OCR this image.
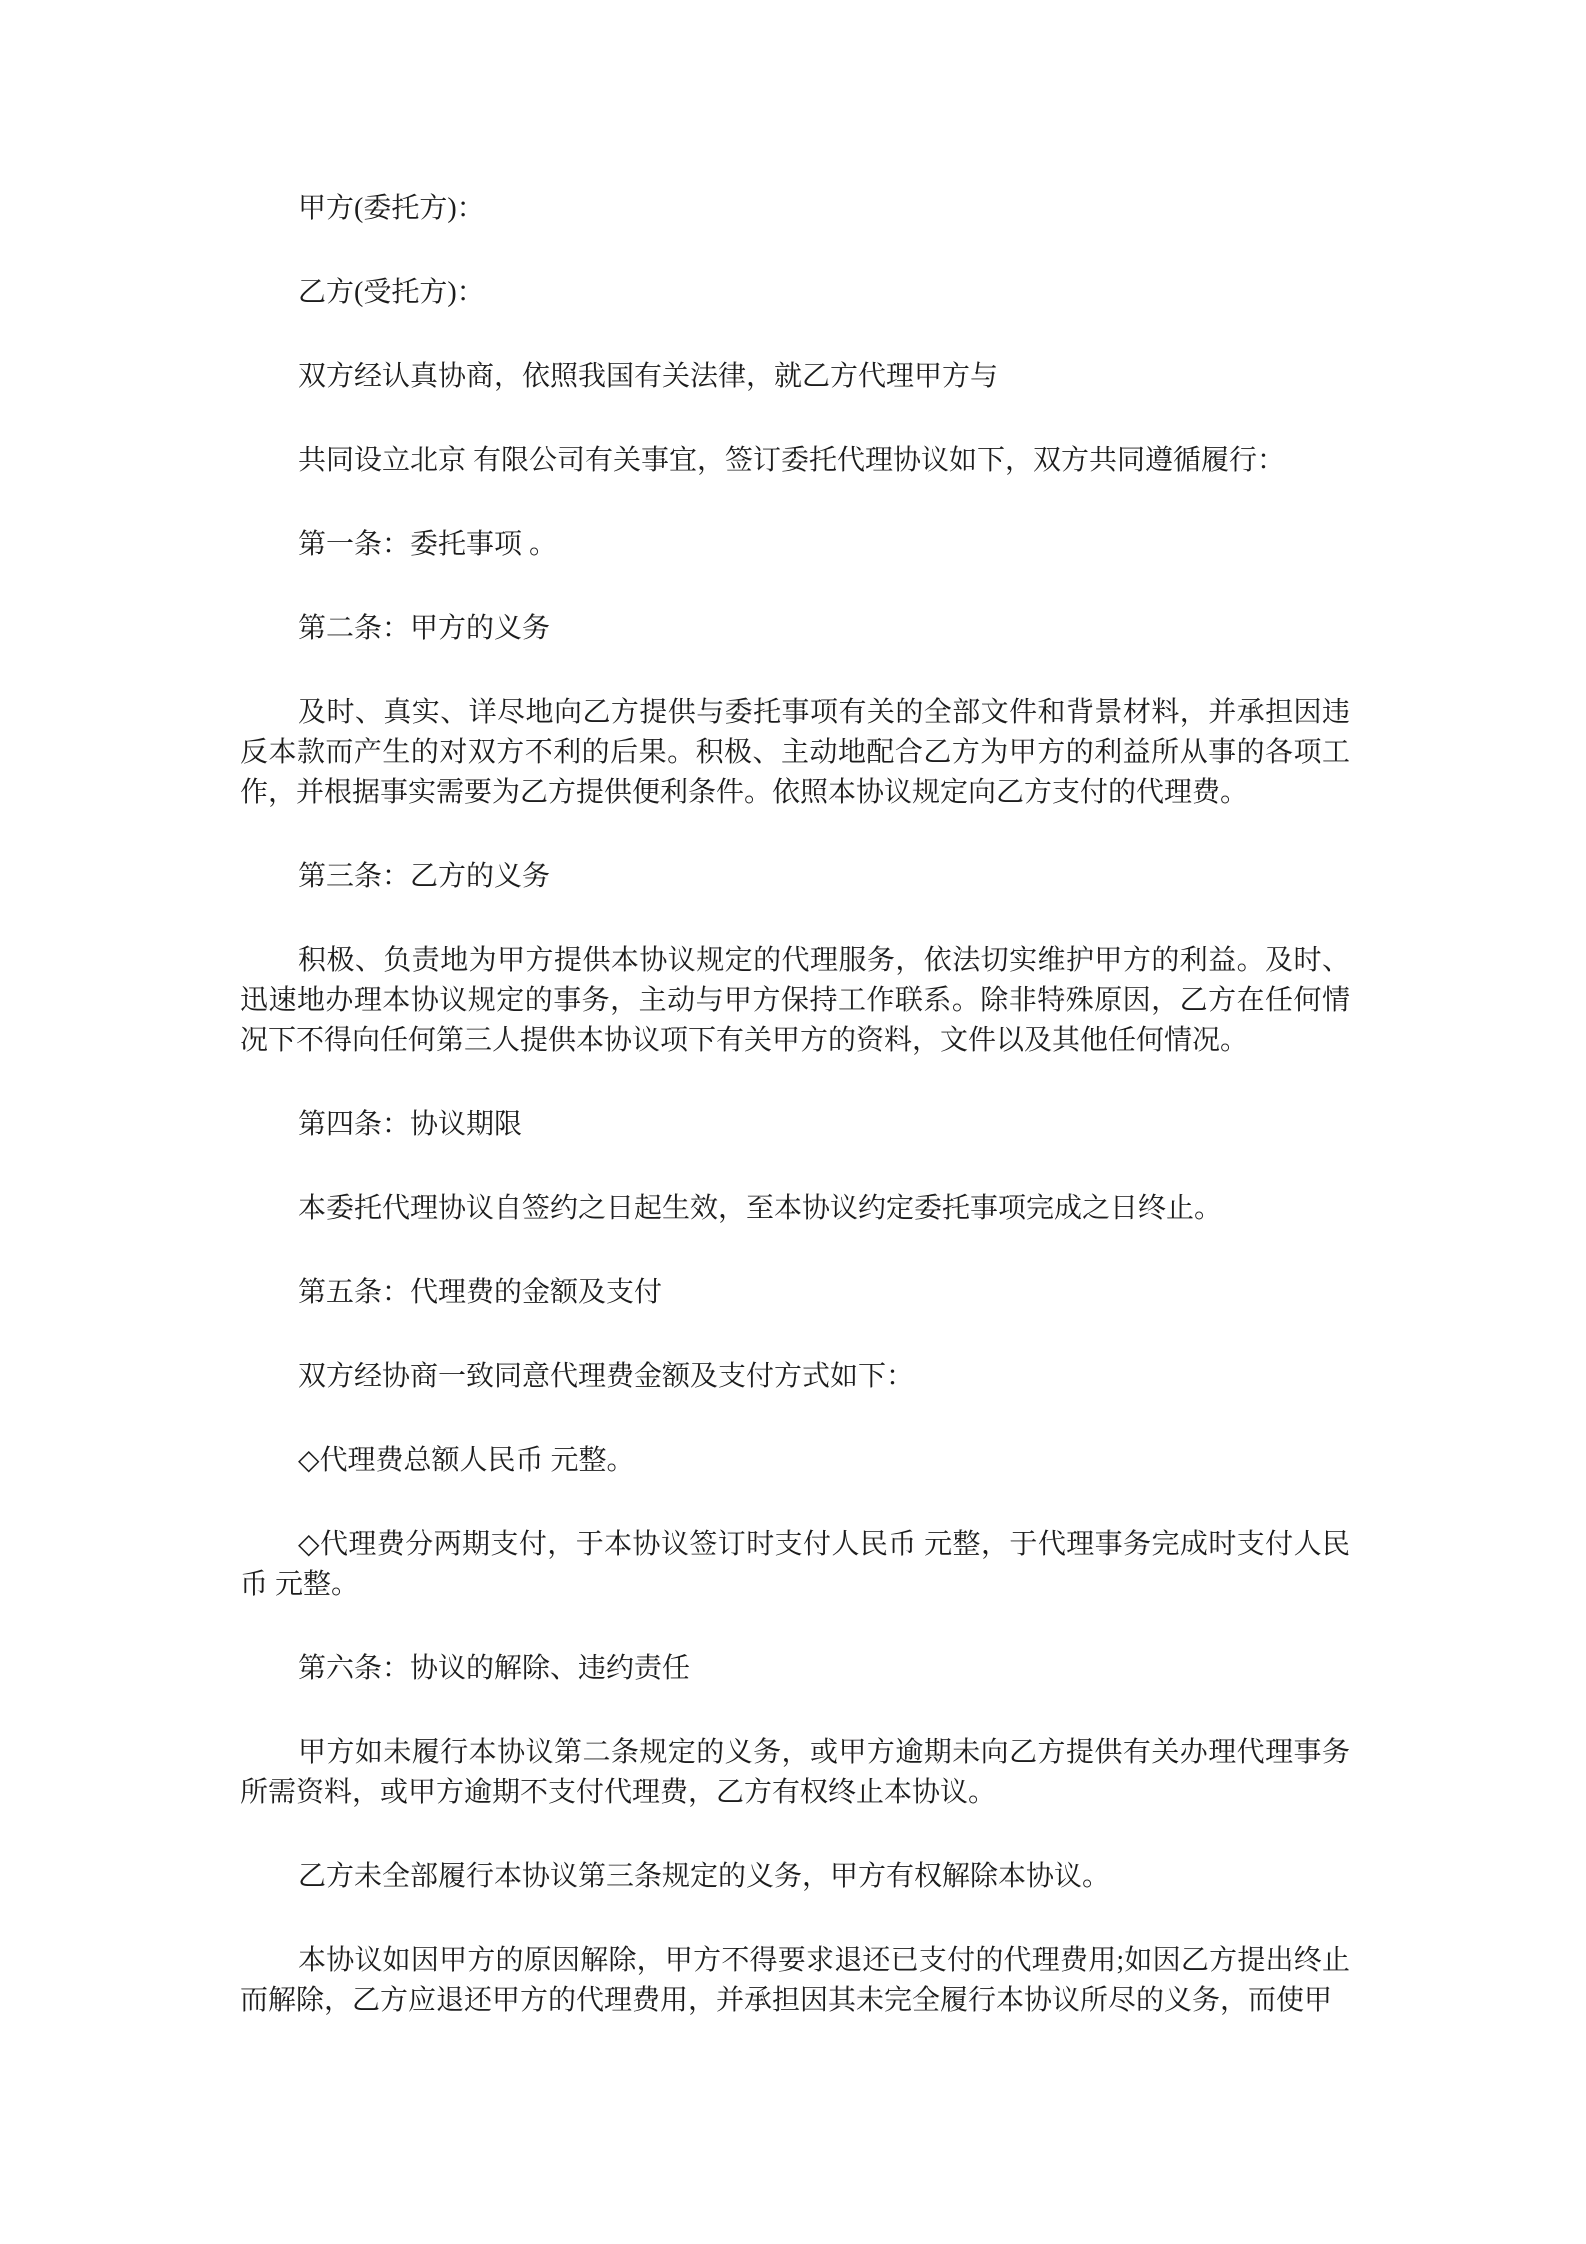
甲方(委托方)：

乙方(受托方)：

双方经认真协商，依照我国有关法律，就乙方代理甲方与

共同设立北京 有限公司有关事宜，签订委托代理协议如下，双方共同遵循履行：

第一条：委托事项 。

第二条：甲方的义务

及时、真实、详尽地向乙方提供与委托事项有关的全部文件和背景材料，并承担因违反本款而产生的对双方不利的后果。积极、主动地配合乙方为甲方的利益所从事的各项工作，并根据事实需要为乙方提供便利条件。依照本协议规定向乙方支付的代理费。

第三条：乙方的义务

积极、负责地为甲方提供本协议规定的代理服务，依法切实维护甲方的利益。及时、迅速地办理本协议规定的事务，主动与甲方保持工作联系。除非特殊原因，乙方在任何情况下不得向任何第三人提供本协议项下有关甲方的资料，文件以及其他任何情况。

第四条：协议期限

本委托代理协议自签约之日起生效，至本协议约定委托事项完成之日终止。

第五条：代理费的金额及支付

双方经协商一致同意代理费金额及支付方式如下：

◇代理费总额人民币 元整。

◇代理费分两期支付，于本协议签订时支付人民币 元整，于代理事务完成时支付人民币 元整。

第六条：协议的解除、违约责任

甲方如未履行本协议第二条规定的义务，或甲方逾期未向乙方提供有关办理代理事务所需资料，或甲方逾期不支付代理费，乙方有权终止本协议。

乙方未全部履行本协议第三条规定的义务，甲方有权解除本协议。

本协议如因甲方的原因解除，甲方不得要求退还已支付的代理费用;如因乙方提出终止而解除，乙方应退还甲方的代理费用，并承担因其未完全履行本协议所尽的义务，而使甲
